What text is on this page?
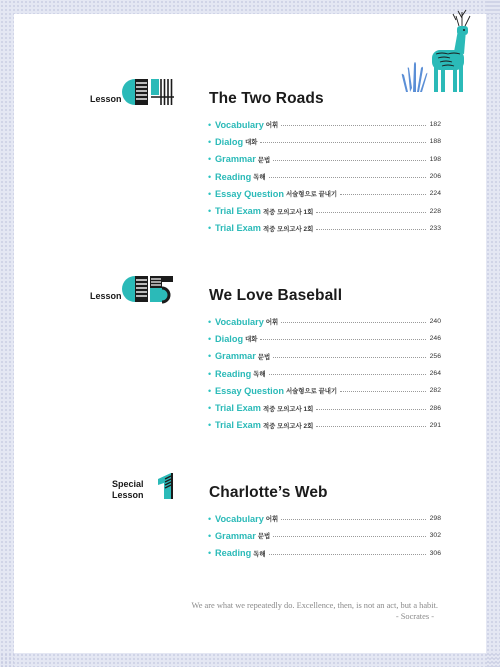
Lesson	The Two Roads
• Vocabulary 어휘	182
• Dialog 대화	188
• Grammar 문법	198
• Reading 독해	206
• Essay Question 서술형으로 끝내기	224
• Trial Exam 적중 모의고사 1회	228
• Trial Exam 적중 모의고사 2회	233
Lesson	We Love Baseball
• Vocabulary 어휘	240
• Dialog 대화	246
• Grammar 문법	256
• Reading 독해	264
• Essay Question 서술형으로 끝내기	282
• Trial Exam 적중 모의고사 1회	286
• Trial Exam 적중 모의고사 2회	291
Special
Lesson	Charlotte’s Web
• Vocabulary 어휘	298
• Grammar 문법	302
• Reading 독해	306
We are what we repeatedly do. Excellence, then, is not an act, but a habit.
- Socrates -
